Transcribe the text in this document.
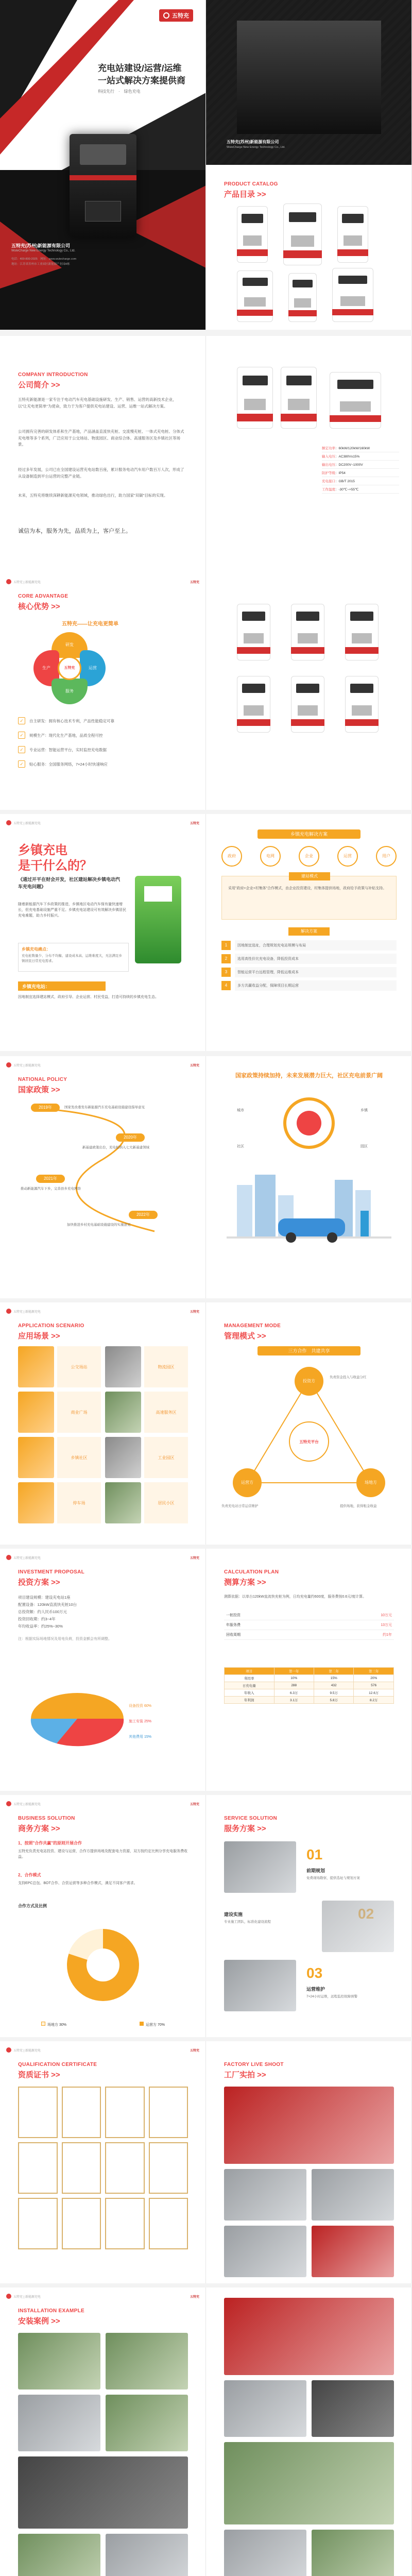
五特充
充电站建设/运营/运维
一站式解决方案提供商
科技先行　·　绿色充电
五特充(苏州)新能源有限公司
WuteCharge New Energy Technology Co., Ltd.
电话：400-800-2025　网址：www.wutecharge.com
地址：江苏省苏州市工业园区新能源产业园A栋
五特充(苏州)新能源有限公司
WuteCharge New Energy Technology Co., Ltd.
PRODUCT CATALOG
产品目录 >>
COMPANY INTRODUCTION
公司简介 >>
五特充新能源是一家专注于电动汽车充电基础设施研发、生产、销售、运营的高新技术企业，以"让充电更简单"为使命，致力于为客户提供充电站建设、运营、运维一站式解决方案。
公司拥有完善的研发体系和生产基地，产品涵盖直流快充桩、交流慢充桩、一体式充电桩、分体式充电堆等多个系列，广泛应用于公交场站、物流园区、商业综合体、高速服务区及乡镇社区等场景。
经过多年发展，公司已在全国建设运营充电站数百座，累计服务电动汽车用户数百万人次，形成了从设备制造到平台运营的完整产业链。
未来，五特充将继续深耕新能源充电领域，推动绿色出行，助力国家"双碳"目标的实现。
诚信为本，服务为先，品质为上，客户至上。
额定功率：60kW/120kW/160kW
输入电压：AC380V±15%
输出电压：DC200V~1000V
防护等级：IP54
充电接口：GB/T 2015
工作温度：-30℃~+55℃
五特充 | 新能源充电	五特充
CORE ADVANTAGE
核心优势 >>
五特充——让充电更简单
研发
生产	运营
服务
五特充
✓	自主研发：拥有核心技术专利，产品性能稳定可靠
✓	规模生产：现代化生产基地，品质全程可控
✓	专业运营：智能运营平台，实时监控充电数据
✓	贴心服务：全国服务网络，7×24小时快速响应
五特充 | 新能源充电	五特充
乡镇充电
是干什么的？
《通过开平在财会开发，社区建站解决乡镇电动汽车充电问题》
随着新能源汽车下乡政策的推进，乡镇地区电动汽车保有量快速增长，但充电基础设施严重不足。乡镇充电站建设可有效解决乡镇居民充电难题，助力乡村振兴。
乡镇充电痛点：
充电桩数量少、分布不均衡、建设成本高、运维难度大，无法满足乡镇居民日常充电需求。
乡镇充电站：
因地制宜选择建站模式，政府引导、企业运营、村民受益，打造可持续的乡镇充电生态。
乡镇充电解决方案
政府	电网	企业	运营	用户
建站模式
采用"政府+企业+村集体"合作模式，由企业投资建设，村集体提供场地，政府给予政策与补贴支持。
解决方案
1	因地制宜选址，合理规划充电站规模与布局
2	选用高性价比充电设备，降低投资成本
3	智能运营平台远程管理，降低运维成本
4	多方共赢收益分配，保障项目长期运营
五特充 | 新能源充电	五特充
NATIONAL POLICY
国家政策 >>
2019年	国家发改委发布新能源汽车充电基础设施建设指导意见
2020年
新基建政策出台，充电桩纳入七大新基建领域
2021年
推动新能源汽车下乡，完善县乡充电网络
2022年
加快推进乡村充电基础设施建设的实施意见
国家政策持续加持，未来发展潜力巨大，社区充电前景广阔
城市	乡镇
社区	园区
五特充 | 新能源充电	五特充
APPLICATION SCENARIO
应用场景 >>
公交场站	物流园区
商业广场	高速服务区
乡镇社区	工业园区
停车场	居民小区
MANAGEMENT MODE
管理模式 >>
三方合作　共建共享
投资方
运营方	场地方
五特充平台
负责资金投入与收益分红
负责充电站日常运营维护	提供场地，获得租金收益
五特充 | 新能源充电	五特充
INVESTMENT PROPOSAL
投资方案 >>
项目建设规模：建设充电站1座
配置设备：120kW直流快充桩10台
总投资额：约人民币100万元
投资回收期：约3~4年
年均收益率：约25%~30%
注：根据实际场地情况及用电负荷，投资金额会有所调整。
设备投资 60%
施工安装 25%
其他费用 15%
CALCULATION PLAN
测算方案 >>
测算依据：以单台120kW直流快充桩为例，日均充电量约600度，服务费按0.6元/度计算。
一桩投资	10万元
年服务费	13万元
回收周期	约1年
项目	第一年	第二年	第三年
利用率	10%	15%	20%
日充电量	288	432	576
年收入	6.3万	9.5万	12.6万
年利润	3.1万	5.8万	8.2万
五特充 | 新能源充电	五特充
BUSINESS SOLUTION
商务方案 >>
1、按照"合作共赢"的原则开展合作
五特充负责充电站投资、建设与运营，合作方提供场地及配套电力资源，双方按约定比例分享充电服务费收益。
2、合作模式
支持EPC总包、BOT合作、合资运营等多种合作模式，满足不同客户需求。
合作方式及比例
场地方 30%	运营方 70%
SERVICE SOLUTION
服务方案 >>
01
前期规划
免费现场勘察，提供选址与规划方案
建设实施
专业施工团队，标准化建设流程
03
运营维护
7×24小时运维，远程监控故障预警
五特充 | 新能源充电	五特充
QUALIFICATION CERTIFICATE
资质证书 >>
FACTORY LIVE SHOOT
工厂实拍 >>
五特充 | 新能源充电	五特充
INSTALLATION EXAMPLE
安装案例 >>
